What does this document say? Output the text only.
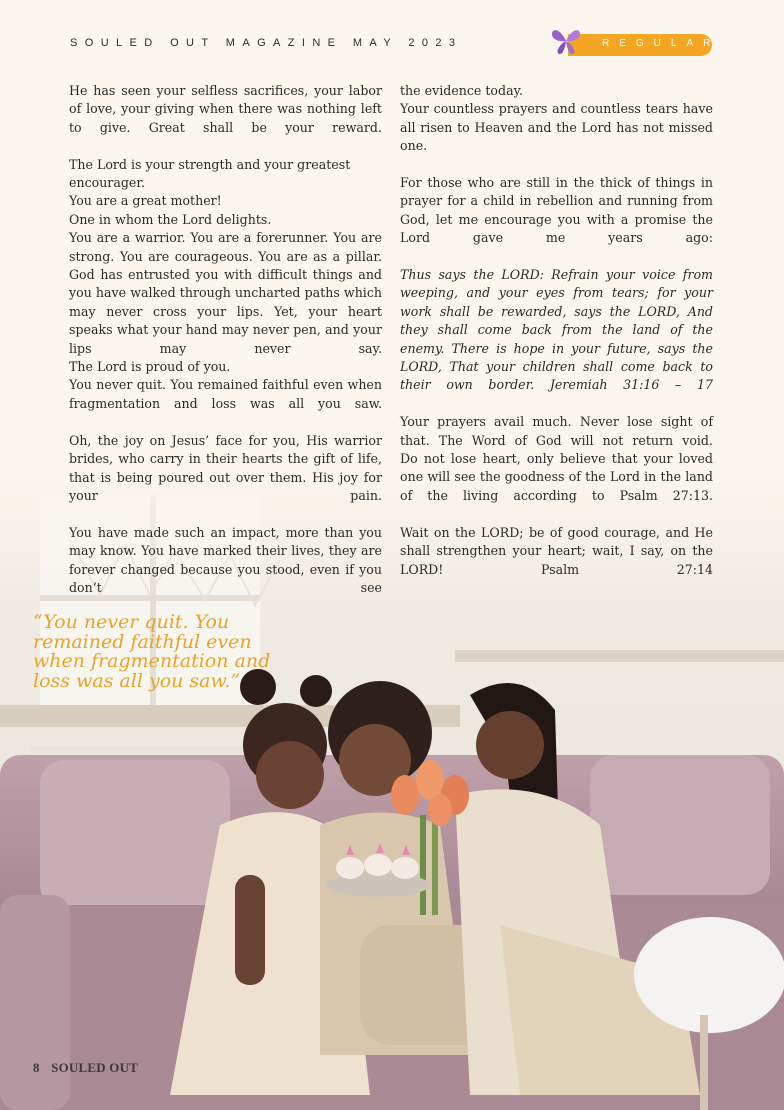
SOULED OUT MAGAZINE MAY 2023	REGULAR

He has seen your selfless sacrifices, your labor of love, your giving when there was nothing left to give. Great shall be your reward.

The Lord is your strength and your greatest encourager.

You are a great mother!

One in whom the Lord delights.

You are a warrior. You are a forerunner. You are strong. You are courageous. You are as a pillar. God has entrusted you with difficult things and you have walked through uncharted paths which may never cross your lips. Yet, your heart speaks what your hand may never pen, and your lips may never say.

The Lord is proud of you.

You never quit. You remained faithful even when fragmentation and loss was all you saw.

Oh, the joy on Jesus’ face for you, His warrior brides, who carry in their hearts the gift of life, that is being poured out over them. His joy for your pain.

You have made such an impact, more than you may know. You have marked their lives, they are forever changed because you stood, even if you don’t see

the evidence today.

Your countless prayers and countless tears have all risen to Heaven and the Lord has not missed one.

For those who are still in the thick of things in prayer for a child in rebellion and running from God, let me encourage you with a promise the Lord gave me years ago:

Thus says the LORD: Refrain your voice from weeping, and your eyes from tears; for your work shall be rewarded, says the LORD, And they shall come back from the land of the enemy. There is hope in your future, says the LORD, That your children shall come back to their own border. Jeremiah 31:16 – 17

Your prayers avail much. Never lose sight of that. The Word of God will not return void.

Do not lose heart, only believe that your loved one will see the goodness of the Lord in the land of the living according to Psalm 27:13.

Wait on the LORD; be of good courage, and He shall strengthen your heart; wait, I say, on the LORD! Psalm 27:14

“You never quit. You remained faithful even when fragmentation and loss was all you saw.”
8 SOULED OUT
